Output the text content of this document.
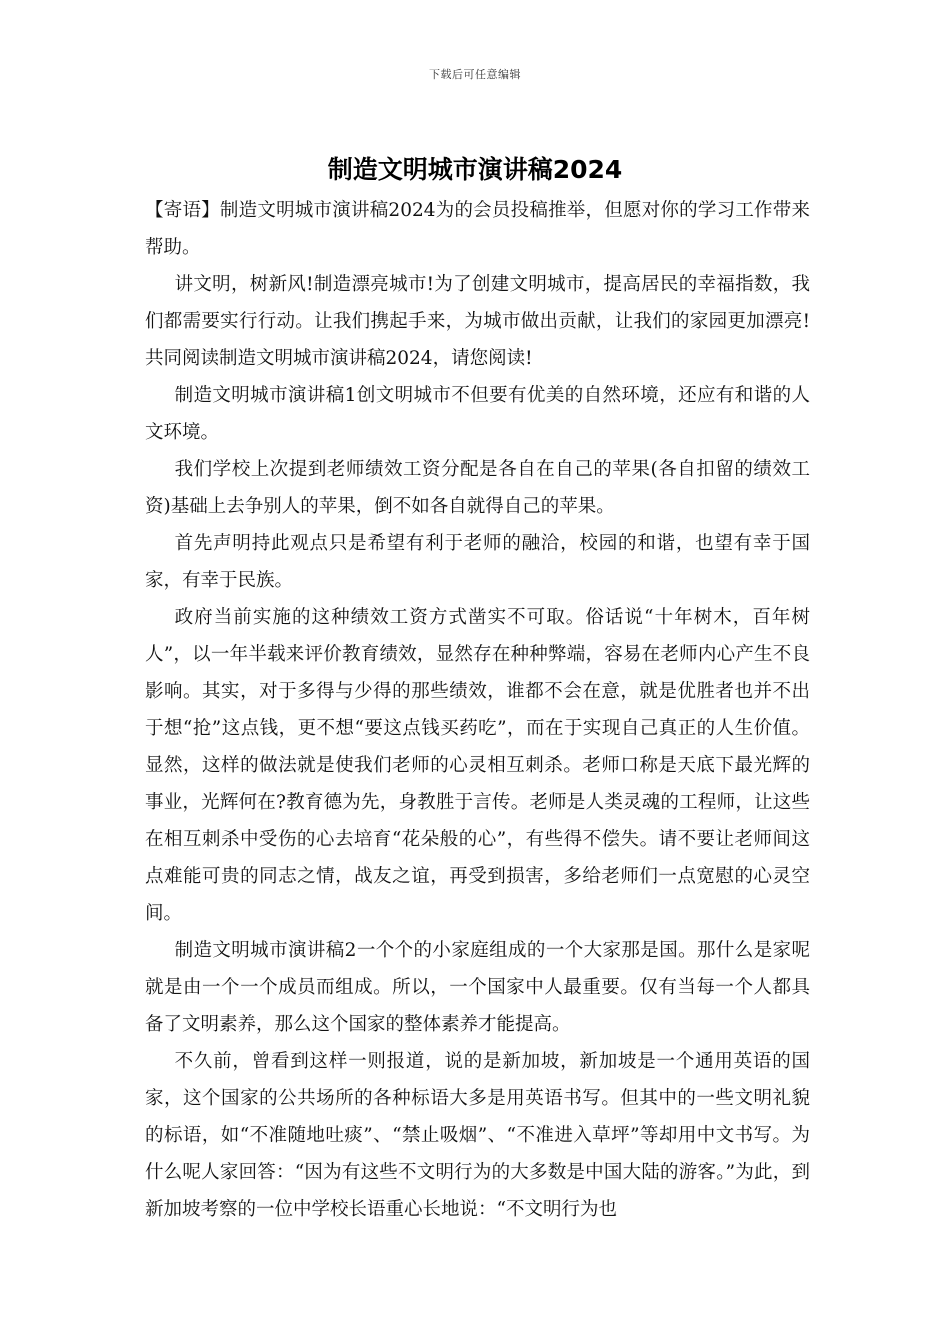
下载后可任意编辑
制造文明城市演讲稿2024

【寄语】制造文明城市演讲稿2024为的会员投稿推举，但愿对你的学习工作带来帮助。

讲文明，树新风!制造漂亮城市!为了创建文明城市，提高居民的幸福指数，我们都需要实行行动。让我们携起手来，为城市做出贡献，让我们的家园更加漂亮!共同阅读制造文明城市演讲稿2024，请您阅读!

制造文明城市演讲稿1创文明城市不但要有优美的自然环境，还应有和谐的人文环境。

我们学校上次提到老师绩效工资分配是各自在自己的苹果(各自扣留的绩效工资)基础上去争别人的苹果，倒不如各自就得自己的苹果。

首先声明持此观点只是希望有利于老师的融洽，校园的和谐，也望有幸于国家，有幸于民族。

政府当前实施的这种绩效工资方式凿实不可取。俗话说“十年树木，百年树人”，以一年半载来评价教育绩效，显然存在种种弊端，容易在老师内心产生不良影响。其实，对于多得与少得的那些绩效，谁都不会在意，就是优胜者也并不出于想“抢”这点钱，更不想“要这点钱买药吃”，而在于实现自己真正的人生价值。显然，这样的做法就是使我们老师的心灵相互刺杀。老师口称是天底下最光辉的事业，光辉何在?教育德为先，身教胜于言传。老师是人类灵魂的工程师，让这些在相互刺杀中受伤的心去培育“花朵般的心”，有些得不偿失。请不要让老师间这点难能可贵的同志之情，战友之谊，再受到损害，多给老师们一点宽慰的心灵空间。

制造文明城市演讲稿2一个个的小家庭组成的一个大家那是国。那什么是家呢就是由一个一个成员而组成。所以，一个国家中人最重要。仅有当每一个人都具备了文明素养，那么这个国家的整体素养才能提高。

不久前，曾看到这样一则报道，说的是新加坡，新加坡是一个通用英语的国家，这个国家的公共场所的各种标语大多是用英语书写。但其中的一些文明礼貌的标语，如“不准随地吐痰”、“禁止吸烟”、“不准进入草坪”等却用中文书写。为什么呢人家回答：“因为有这些不文明行为的大多数是中国大陆的游客。”为此，到新加坡考察的一位中学校长语重心长地说：“不文明行为也
